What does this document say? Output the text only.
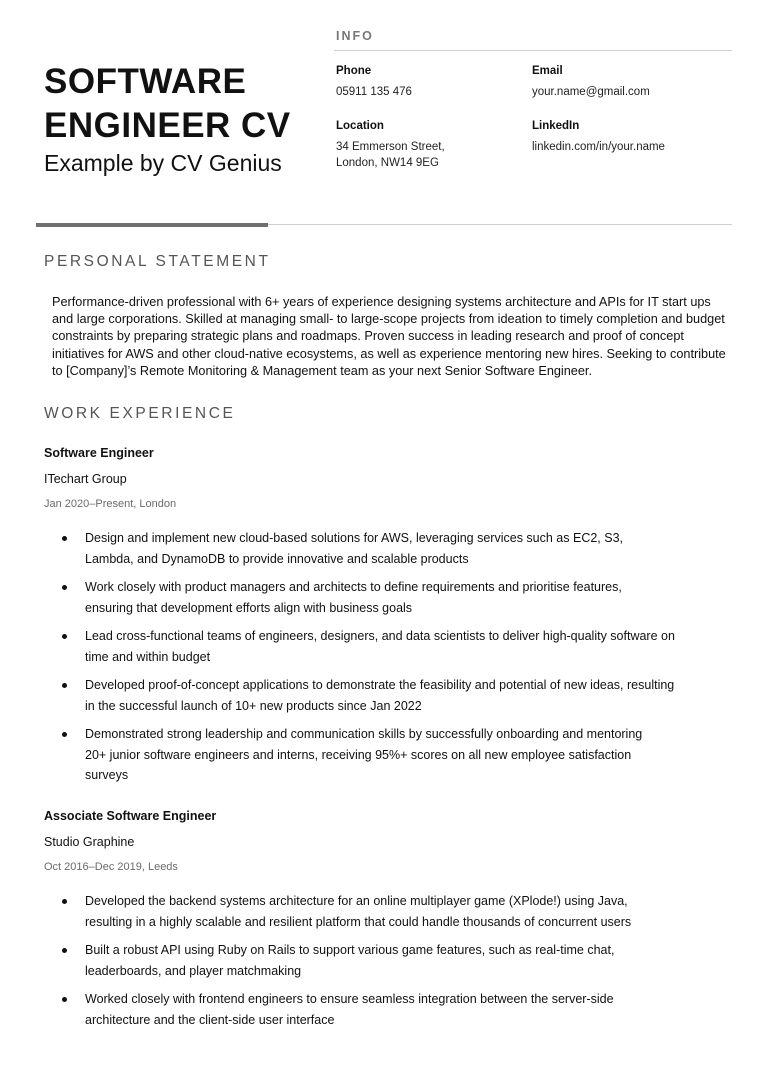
SOFTWARE
ENGINEER CV
Example by CV Genius
INFO
Phone
05911 135 476
Email
your.name@gmail.com
Location
34 Emmerson Street,
London, NW14 9EG
LinkedIn
linkedin.com/in/your.name
PERSONAL STATEMENT
Performance-driven professional with 6+ years of experience designing systems architecture and APIs for IT start ups and large corporations. Skilled at managing small- to large-scope projects from ideation to timely completion and budget constraints by preparing strategic plans and roadmaps. Proven success in leading research and proof of concept initiatives for AWS and other cloud-native ecosystems, as well as experience mentoring new hires. Seeking to contribute to [Company]’s Remote Monitoring & Management team as your next Senior Software Engineer.
WORK EXPERIENCE
Software Engineer
ITechart Group
Jan 2020–Present, London
Design and implement new cloud-based solutions for AWS, leveraging services such as EC2, S3, Lambda, and DynamoDB to provide innovative and scalable products
Work closely with product managers and architects to define requirements and prioritise features, ensuring that development efforts align with business goals
Lead cross-functional teams of engineers, designers, and data scientists to deliver high-quality software on time and within budget
Developed proof-of-concept applications to demonstrate the feasibility and potential of new ideas, resulting in the successful launch of 10+ new products since Jan 2022
Demonstrated strong leadership and communication skills by successfully onboarding and mentoring 20+ junior software engineers and interns, receiving 95%+ scores on all new employee satisfaction surveys
Associate Software Engineer
Studio Graphine
Oct 2016–Dec 2019, Leeds
Developed the backend systems architecture for an online multiplayer game (XPlode!) using Java, resulting in a highly scalable and resilient platform that could handle thousands of concurrent users
Built a robust API using Ruby on Rails to support various game features, such as real-time chat, leaderboards, and player matchmaking
Worked closely with frontend engineers to ensure seamless integration between the server-side architecture and the client-side user interface
